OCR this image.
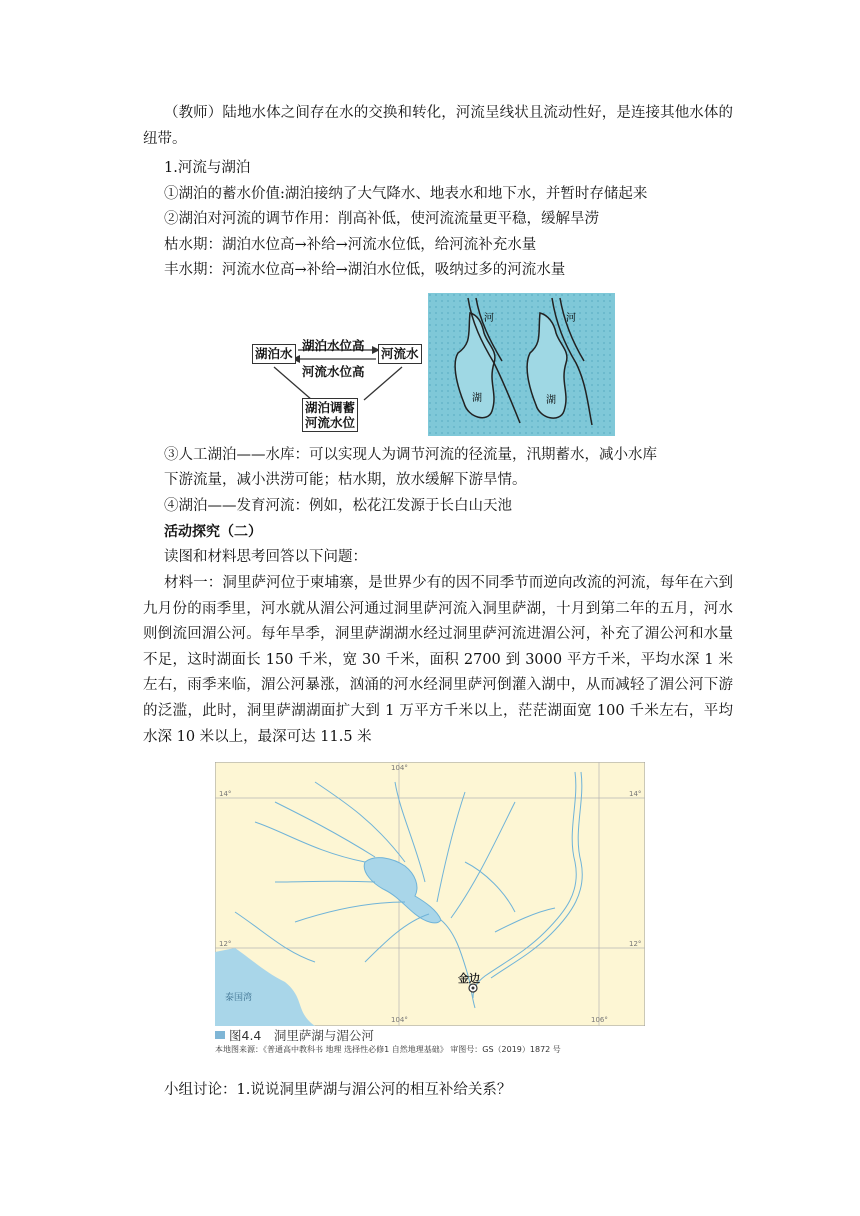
（教师）陆地水体之间存在水的交换和转化，河流呈线状且流动性好，是连接其他水体的纽带。
1.河流与湖泊
①湖泊的蓄水价值:湖泊接纳了大气降水、地表水和地下水，并暂时存储起来
②湖泊对河流的调节作用：削高补低，使河流流量更平稳，缓解旱涝
枯水期：湖泊水位高→补给→河流水位低，给河流补充水量
丰水期：河流水位高→补给→湖泊水位低，吸纳过多的河流水量
湖泊水	河流水
湖泊水位高
河流水位高
湖泊调蓄
河流水位
河
湖
河
湖
③人工湖泊——水库：可以实现人为调节河流的径流量，汛期蓄水，减小水库
下游流量，减小洪涝可能；枯水期，放水缓解下游旱情。
④湖泊——发育河流：例如，松花江发源于长白山天池
活动探究（二）
读图和材料思考回答以下问题：
材料一：洞里萨河位于柬埔寨，是世界少有的因不同季节而逆向改流的河流，每年在六到九月份的雨季里，河水就从湄公河通过洞里萨河流入洞里萨湖，十月到第二年的五月，河水则倒流回湄公河。每年旱季，洞里萨湖湖水经过洞里萨河流进湄公河，补充了湄公河和水量不足，这时湖面长 150 千米，宽 30 千米，面积 2700 到 3000 平方千米，平均水深 1 米左右，雨季来临，湄公河暴涨，汹涌的河水经洞里萨河倒灌入湖中，从而减轻了湄公河下游的泛滥，此时，洞里萨湖湖面扩大到 1 万平方千米以上，茫茫湖面宽 100 千米左右，平均水深 10 米以上，最深可达 11.5 米
104°
104°	106°
14°	14°
12°	12°
金边
泰国湾
图4.4　洞里萨湖与湄公河
本地图来源：《普通高中教科书 地理 选择性必修1 自然地理基础》 审图号：GS（2019）1872 号
小组讨论：1.说说洞里萨湖与湄公河的相互补给关系？
